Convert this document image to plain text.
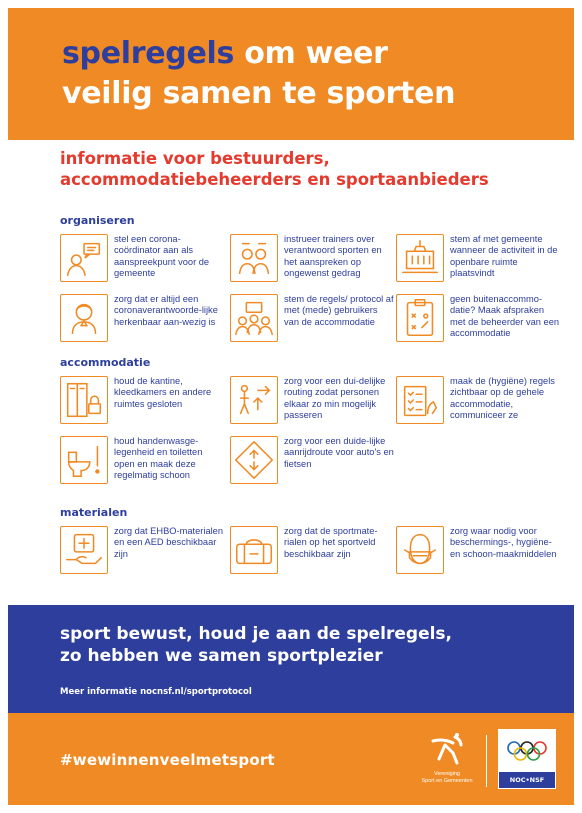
spelregels om weer
veilig samen te sporten
informatie voor bestuurders,
accommodatiebeheerders en sportaanbieders
organiseren
stel een corona-coördinator aan als aanspreekpunt voor de gemeente
instrueer trainers over verantwoord sporten en het aanspreken op ongewenst gedrag
stem af met gemeente wanneer de activiteit in de openbare ruimte plaatsvindt
zorg dat er altijd een coronaverantwoorde-lijke herkenbaar aan-wezig is
stem de regels/ protocol af met (mede) gebruikers van de accommodatie
geen buitenaccommo-datie? Maak afspraken met de beheerder van een accommodatie
accommodatie
houd de kantine, kleedkamers en andere ruimtes gesloten
zorg voor een dui-delijke routing zodat personen elkaar zo min mogelijk passeren
maak de (hygiëne) regels zichtbaar op de gehele accommodatie, communiceer ze
houd handenwasge-legenheid en toiletten open en maak deze regelmatig schoon
zorg voor een duide-lijke aanrijdroute voor auto's en fietsen
materialen
zorg dat EHBO-materialen en een AED beschikbaar zijn
zorg dat de sportmate-rialen op het sportveld beschikbaar zijn
zorg waar nodig voor beschermings-, hygiëne- en schoon-maakmiddelen
sport bewust, houd je aan de spelregels,
zo hebben we samen sportplezier
Meer informatie nocnsf.nl/sportprotocol
#wewinnenveelmetsport
Vereniging
Sport en Gemeenten	NOC•NSF
